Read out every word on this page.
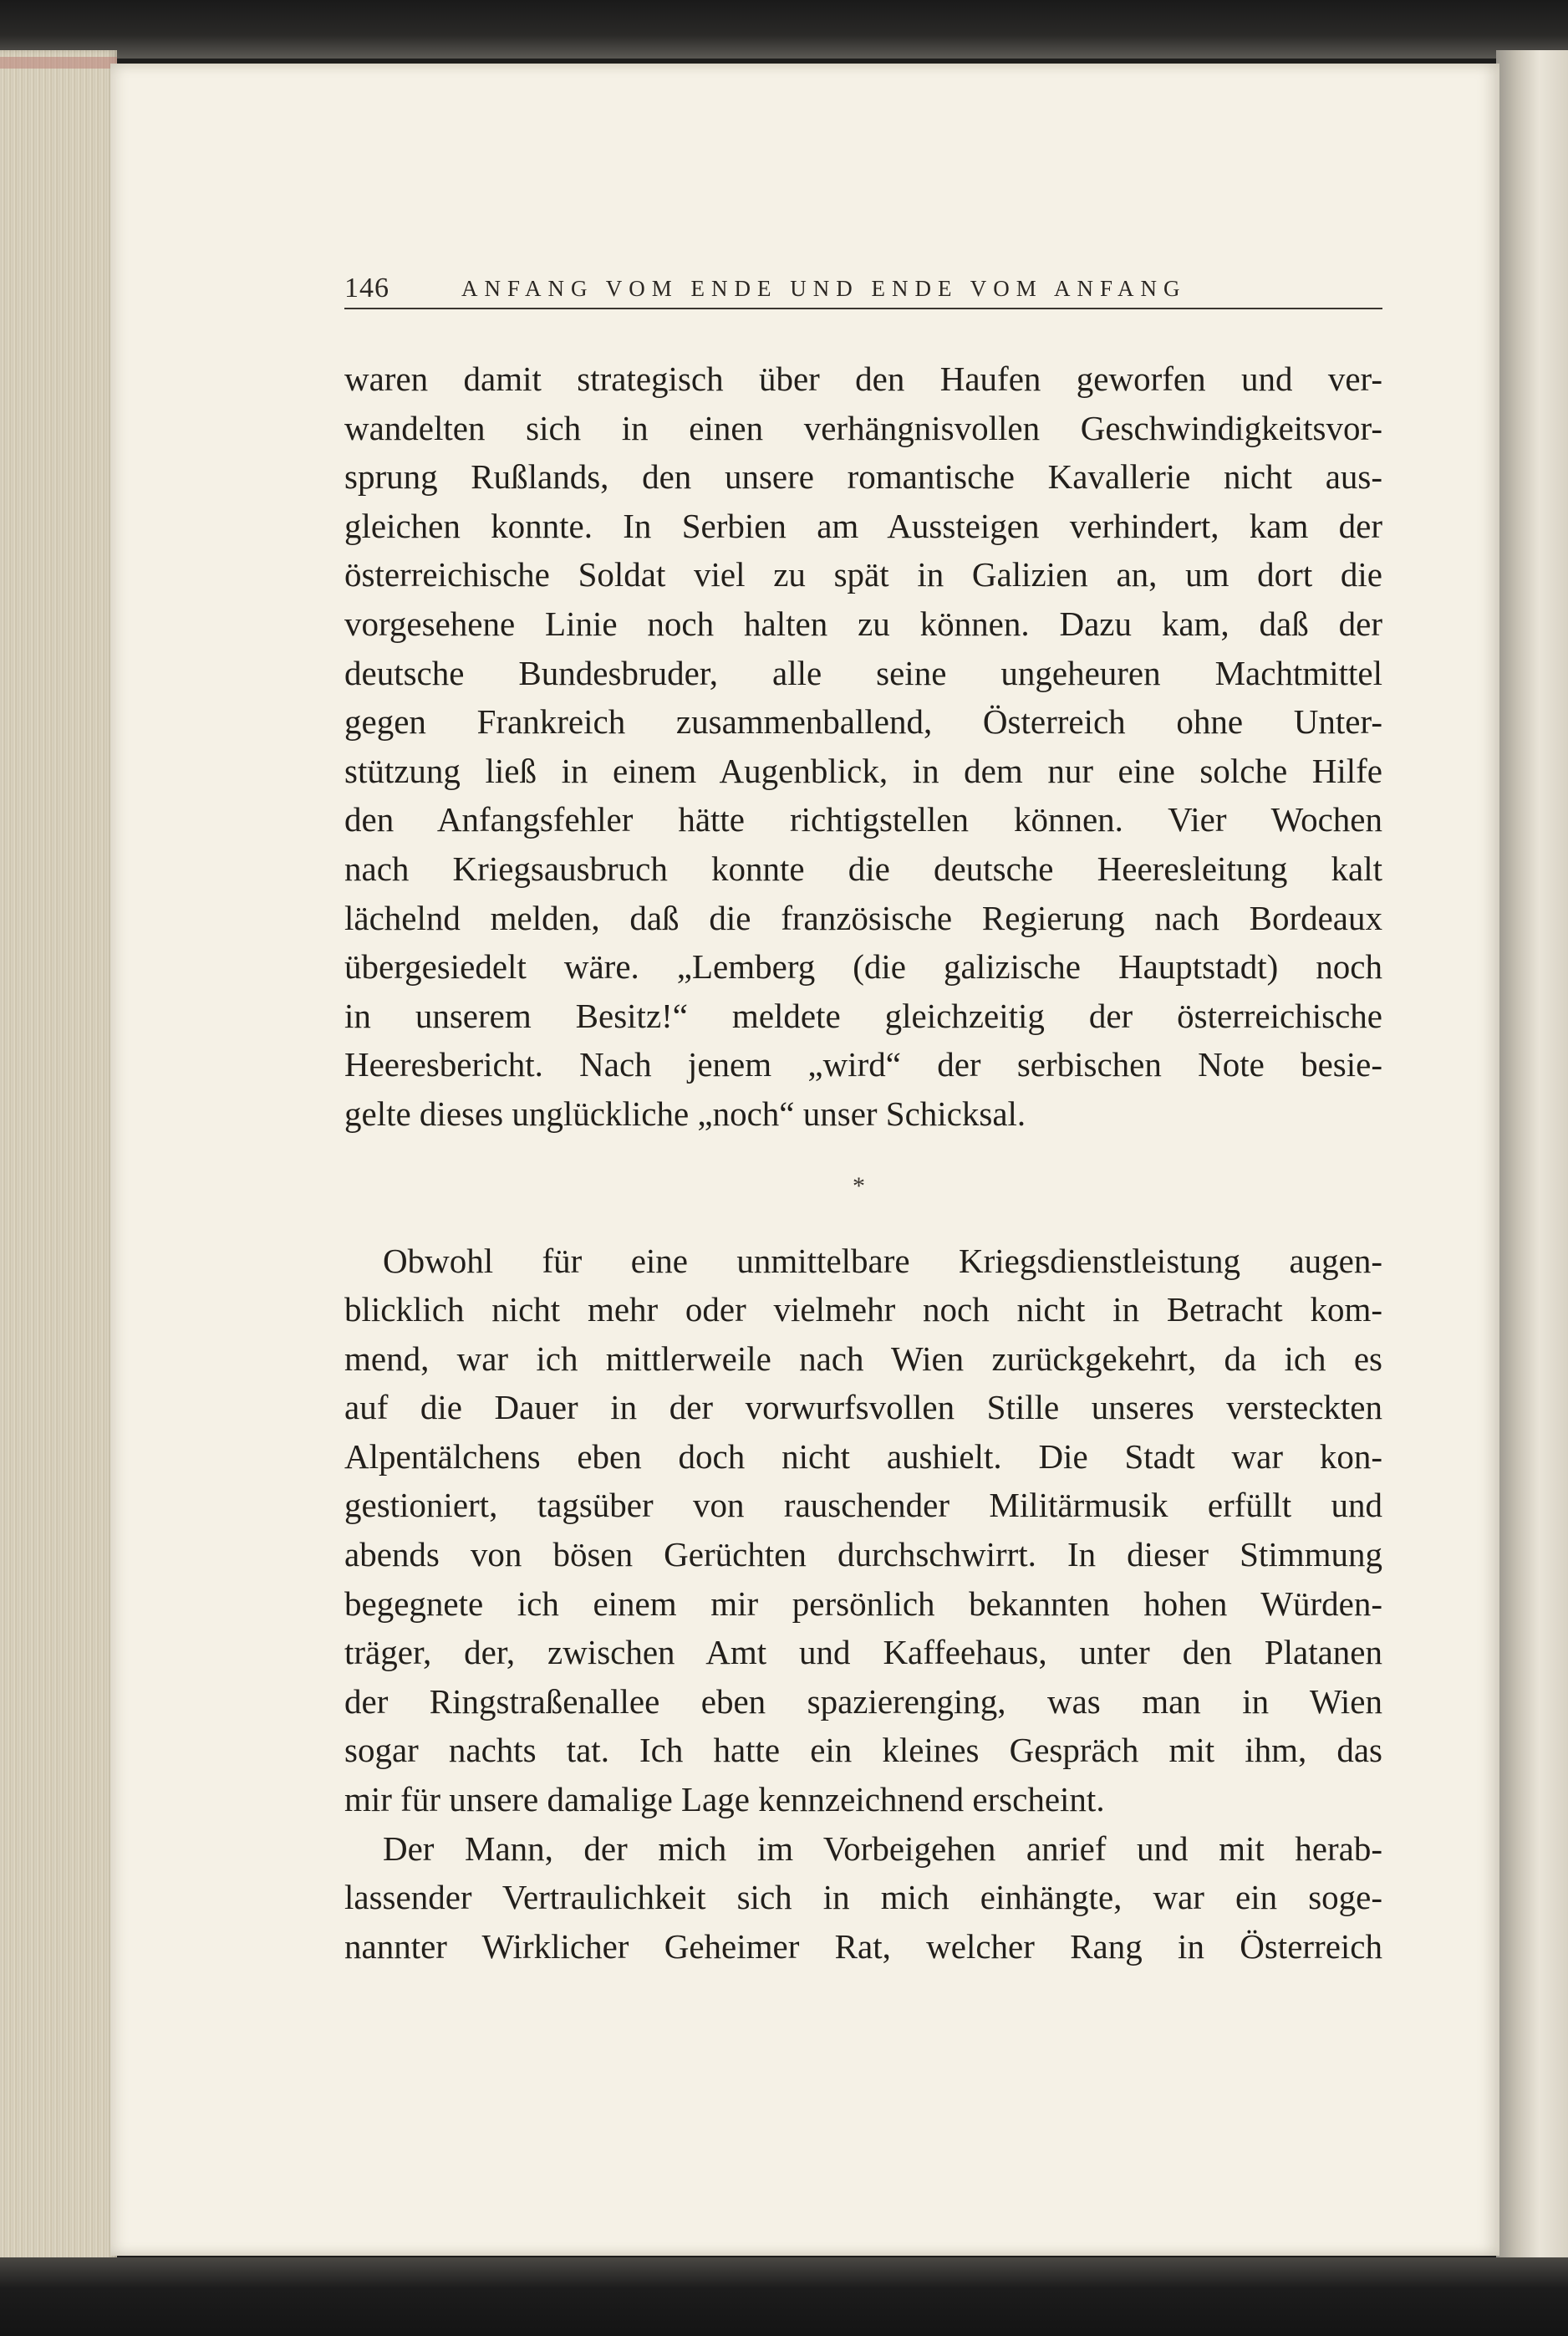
146	ANFANG VOM ENDE UND ENDE VOM ANFANG
waren damit strategisch über den Haufen geworfen und ver-
wandelten sich in einen verhängnisvollen Geschwindigkeitsvor-
sprung Rußlands, den unsere romantische Kavallerie nicht aus-
gleichen konnte. In Serbien am Aussteigen verhindert, kam der
österreichische Soldat viel zu spät in Galizien an, um dort die
vorgesehene Linie noch halten zu können. Dazu kam, daß der
deutsche Bundesbruder, alle seine ungeheuren Machtmittel
gegen Frankreich zusammenballend, Österreich ohne Unter-
stützung ließ in einem Augenblick, in dem nur eine solche Hilfe
den Anfangsfehler hätte richtigstellen können. Vier Wochen
nach Kriegsausbruch konnte die deutsche Heeresleitung kalt
lächelnd melden, daß die französische Regierung nach Bordeaux
übergesiedelt wäre. „Lemberg (die galizische Hauptstadt) noch
in unserem Besitz!“ meldete gleichzeitig der österreichische
Heeresbericht. Nach jenem „wird“ der serbischen Note besie-
gelte dieses unglückliche „noch“ unser Schicksal.
Obwohl für eine unmittelbare Kriegsdienstleistung augen-
blicklich nicht mehr oder vielmehr noch nicht in Betracht kom-
mend, war ich mittlerweile nach Wien zurückgekehrt, da ich es
auf die Dauer in der vorwurfsvollen Stille unseres versteckten
Alpentälchens eben doch nicht aushielt. Die Stadt war kon-
gestioniert, tagsüber von rauschender Militärmusik erfüllt und
abends von bösen Gerüchten durchschwirrt. In dieser Stimmung
begegnete ich einem mir persönlich bekannten hohen Würden-
träger, der, zwischen Amt und Kaffeehaus, unter den Platanen
der Ringstraßenallee eben spazierenging, was man in Wien
sogar nachts tat. Ich hatte ein kleines Gespräch mit ihm, das
mir für unsere damalige Lage kennzeichnend erscheint.
Der Mann, der mich im Vorbeigehen anrief und mit herab-
lassender Vertraulichkeit sich in mich einhängte, war ein soge-
nannter Wirklicher Geheimer Rat, welcher Rang in Österreich
*
